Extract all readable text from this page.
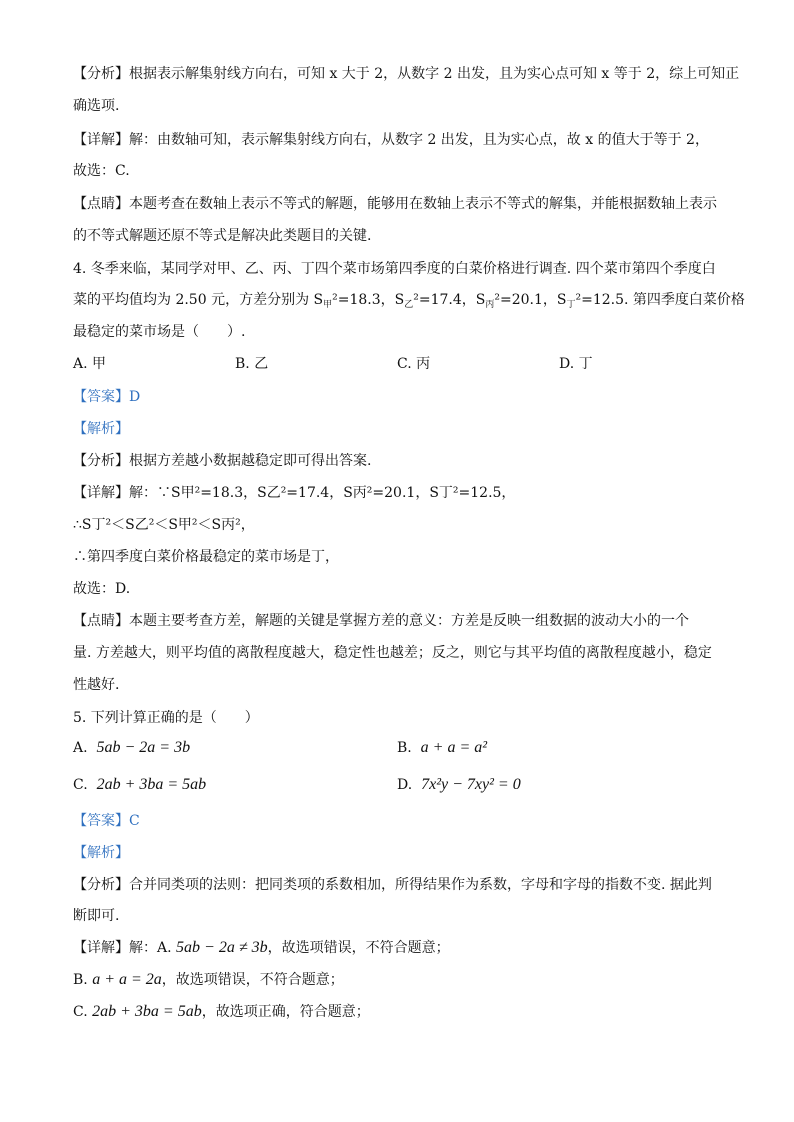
【分析】根据表示解集射线方向右，可知 x 大于 2，从数字 2 出发，且为实心点可知 x 等于 2，综上可知正
确选项.
【详解】解：由数轴可知，表示解集射线方向右，从数字 2 出发，且为实心点，故 x 的值大于等于 2，
故选：C.
【点睛】本题考查在数轴上表示不等式的解题，能够用在数轴上表示不等式的解集，并能根据数轴上表示
的不等式解题还原不等式是解决此类题目的关键.
4. 冬季来临，某同学对甲、乙、丙、丁四个菜市场第四季度的白菜价格进行调查. 四个菜市第四个季度白
菜的平均值均为 2.50 元，方差分别为 $S_甲^2=18.3$，$S_乙^2=17.4$，$S_丙^2=20.1$，$S_丁^2=12.5$. 第四季度白菜价格
最稳定的菜市场是（　　）.
A. 甲	B. 乙	C. 丙	D. 丁
【答案】D
【解析】
【分析】根据方差越小数据越稳定即可得出答案.
【详解】解：∵S甲²=18.3，S乙²=17.4，S丙²=20.1，S丁²=12.5，
∴S丁²＜S乙²＜S甲²＜S丙²，
∴第四季度白菜价格最稳定的菜市场是丁，
故选：D.
【点睛】本题主要考查方差，解题的关键是掌握方差的意义：方差是反映一组数据的波动大小的一个
量. 方差越大，则平均值的离散程度越大，稳定性也越差；反之，则它与其平均值的离散程度越小，稳定
性越好.
5. 下列计算正确的是（　　）
A. 5ab − 2a = 3b	B. a + a = a²
C. 2ab + 3ba = 5ab	D. 7x²y − 7xy² = 0
【答案】C
【解析】
【分析】合并同类项的法则：把同类项的系数相加，所得结果作为系数，字母和字母的指数不变. 据此判
断即可.
【详解】解：A. 5ab − 2a ≠ 3b，故选项错误，不符合题意；
B. a + a = 2a，故选项错误，不符合题意；
C. 2ab + 3ba = 5ab，故选项正确，符合题意；
